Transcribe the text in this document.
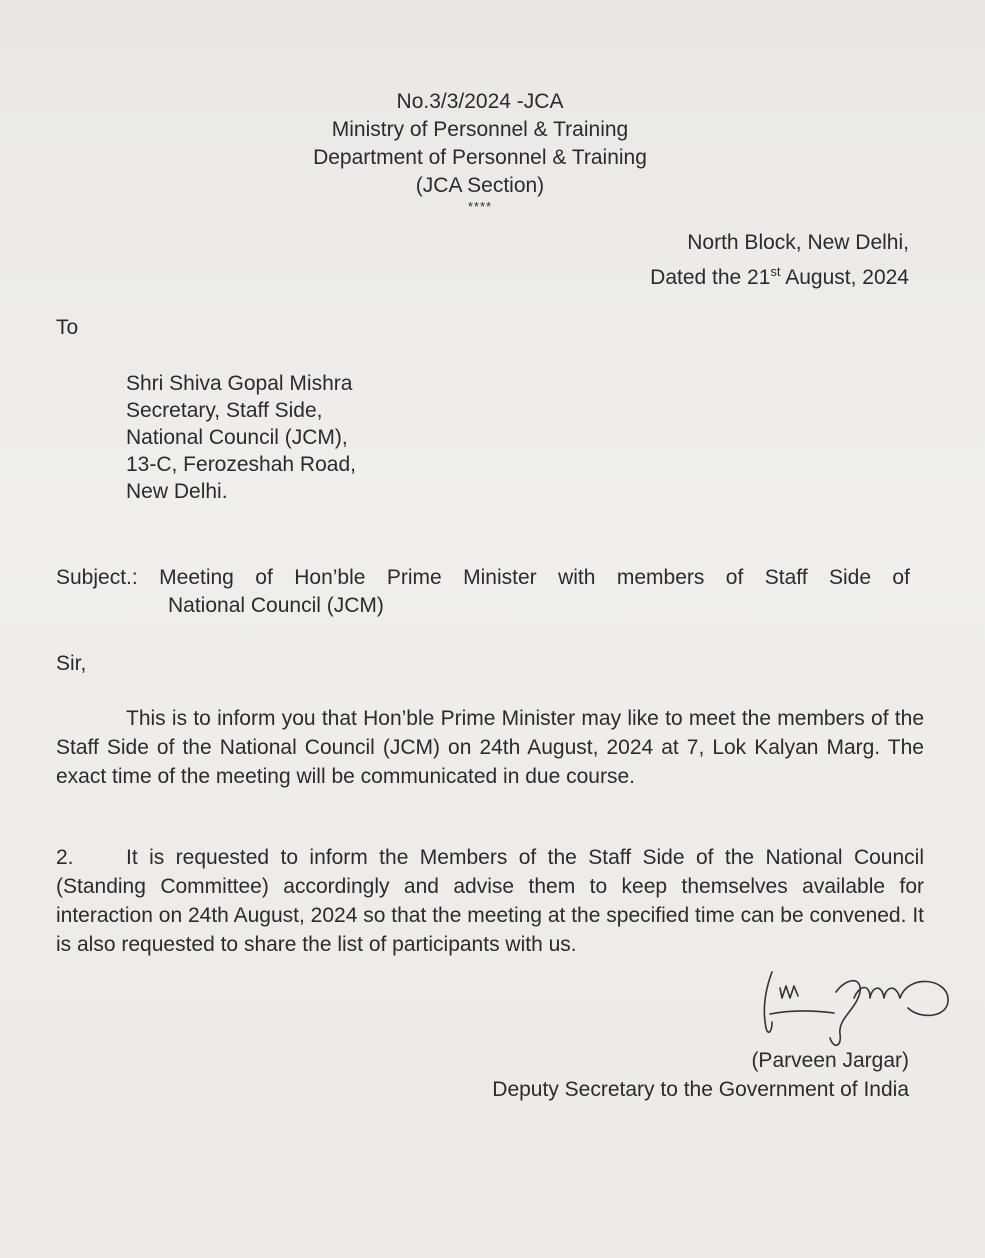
No.3/3/2024 -JCA
Ministry of Personnel & Training
Department of Personnel & Training
(JCA Section)
****
North Block, New Delhi,
Dated the 21st August, 2024
To
Shri Shiva Gopal Mishra
Secretary, Staff Side,
National Council (JCM),
13-C, Ferozeshah Road,
New Delhi.
Subject.: Meeting of Hon’ble Prime Minister with members of Staff Side of
National Council (JCM)
Sir,
This is to inform you that Hon’ble Prime Minister may like to meet the members of the Staff Side of the National Council (JCM) on 24th August, 2024 at 7, Lok Kalyan Marg. The exact time of the meeting will be communicated in due course.
2. It is requested to inform the Members of the Staff Side of the National Council (Standing Committee) accordingly and advise them to keep themselves available for interaction on 24th August, 2024 so that the meeting at the specified time can be convened. It is also requested to share the list of participants with us.
(Parveen Jargar)
Deputy Secretary to the Government of India
